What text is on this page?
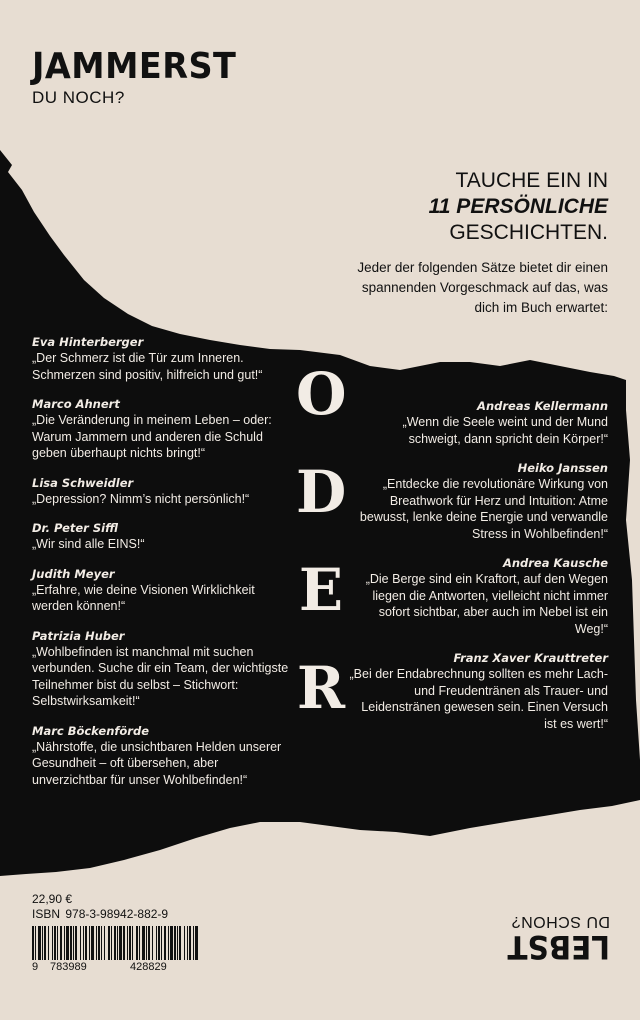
JAMMERST
DU NOCH?
TAUCHE EIN IN
11 PERSÖNLICHE
GESCHICHTEN.
Jeder der folgenden Sätze bietet dir einen spannenden Vorgeschmack auf das, was dich im Buch erwartet:
Eva Hinterberger
„Der Schmerz ist die Tür zum Inneren. Schmerzen sind positiv, hilfreich und gut!“
Marco Ahnert
„Die Veränderung in meinem Leben – oder: Warum Jammern und anderen die Schuld geben überhaupt nichts bringt!“
Lisa Schweidler
„Depression? Nimm’s nicht persönlich!“
Dr. Peter Siffl
„Wir sind alle EINS!“
Judith Meyer
„Erfahre, wie deine Visionen Wirklichkeit werden können!“
Patrizia Huber
„Wohlbefinden ist manchmal mit suchen verbunden. Suche dir ein Team, der wichtigste Teilnehmer bist du selbst – Stichwort: Selbstwirksamkeit!“
Marc Böckenförde
„Nährstoffe, die unsichtbaren Helden unserer Gesundheit – oft übersehen, aber unverzichtbar für unser Wohlbefinden!“
Andreas Kellermann
„Wenn die Seele weint und der Mund schweigt, dann spricht dein Körper!“
Heiko Janssen
„Entdecke die revolutionäre Wirkung von Breathwork für Herz und Intuition: Atme bewusst, lenke deine Energie und verwandle Stress in Wohlbefinden!“
Andrea Kausche
„Die Berge sind ein Kraftort, auf den Wegen liegen die Antworten, vielleicht nicht immer sofort sichtbar, aber auch im Nebel ist ein Weg!“
Franz Xaver Krauttreter
„Bei der Endabrechnung sollten es mehr Lach- und Freudentränen als Trauer- und Leidenstränen gewesen sein. Einen Versuch ist es wert!“
O
D
E
R
22,90 €
ISBN 978-3-98942-882-9
9	783989	428829
LEBST
DU SCHON?
